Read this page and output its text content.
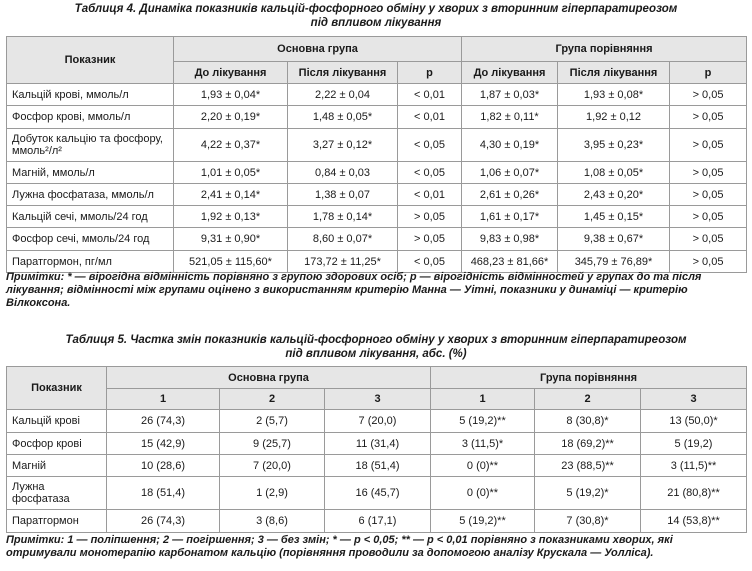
Таблиця 4. Динаміка показників кальцій-фосфорного обміну у хворих з вторинним гіперпаратиреозом
під впливом лікування
Показник	Основна група			Група порівняння		
	До лікування	Після лікування	p	До лікування	Після лікування	p
Кальцій крові, ммоль/л	1,93 ± 0,04*	2,22 ± 0,04	< 0,01	1,87 ± 0,03*	1,93 ± 0,08*	> 0,05
Фосфор крові, ммоль/л	2,20 ± 0,19*	1,48 ± 0,05*	< 0,01	1,82 ± 0,11*	1,92 ± 0,12	> 0,05
Добуток кальцію та фосфору, ммоль²/л²	4,22 ± 0,37*	3,27 ± 0,12*	< 0,05	4,30 ± 0,19*	3,95 ± 0,23*	> 0,05
Магній, ммоль/л	1,01 ± 0,05*	0,84 ± 0,03	< 0,05	1,06 ± 0,07*	1,08 ± 0,05*	> 0,05
Лужна фосфатаза, ммоль/л	2,41 ± 0,14*	1,38 ± 0,07	< 0,01	2,61 ± 0,26*	2,43 ± 0,20*	> 0,05
Кальцій сечі, ммоль/24 год	1,92 ± 0,13*	1,78 ± 0,14*	> 0,05	1,61 ± 0,17*	1,45 ± 0,15*	> 0,05
Фосфор сечі, ммоль/24 год	9,31 ± 0,90*	8,60 ± 0,07*	> 0,05	9,83 ± 0,98*	9,38 ± 0,67*	> 0,05
Паратгормон, пг/мл	521,05 ± 115,60*	173,72 ± 11,25*	< 0,05	468,23 ± 81,66*	345,79 ± 76,89*	> 0,05
Примітки: * — вірогідна відмінність порівняно з групою здорових осіб; p — вірогідність відмінностей у групах до та після лікування; відмінності між групами оцінено з використанням критерію Манна — Уітні, показники у динаміці — критерію Вілкоксона.
Таблиця 5. Частка змін показників кальцій-фосфорного обміну у хворих з вторинним гіперпаратиреозом
під впливом лікування, абс. (%)
Показник	Основна група			Група порівняння		
	1	2	3	1	2	3
Кальцій крові	26 (74,3)	2 (5,7)	7 (20,0)	5 (19,2)**	8 (30,8)*	13 (50,0)*
Фосфор крові	15 (42,9)	9 (25,7)	11 (31,4)	3 (11,5)*	18 (69,2)**	5 (19,2)
Магній	10 (28,6)	7 (20,0)	18 (51,4)	0 (0)**	23 (88,5)**	3 (11,5)**
Лужна фосфатаза	18 (51,4)	1 (2,9)	16 (45,7)	0 (0)**	5 (19,2)*	21 (80,8)**
Паратгормон	26 (74,3)	3 (8,6)	6 (17,1)	5 (19,2)**	7 (30,8)*	14 (53,8)**
Примітки: 1 — поліпшення; 2 — погіршення; 3 — без змін; * — p < 0,05; ** — p < 0,01 порівняно з показниками хворих, які отримували монотерапію карбонатом кальцію (порівняння проводили за допомогою аналізу Крускала — Уолліса).
